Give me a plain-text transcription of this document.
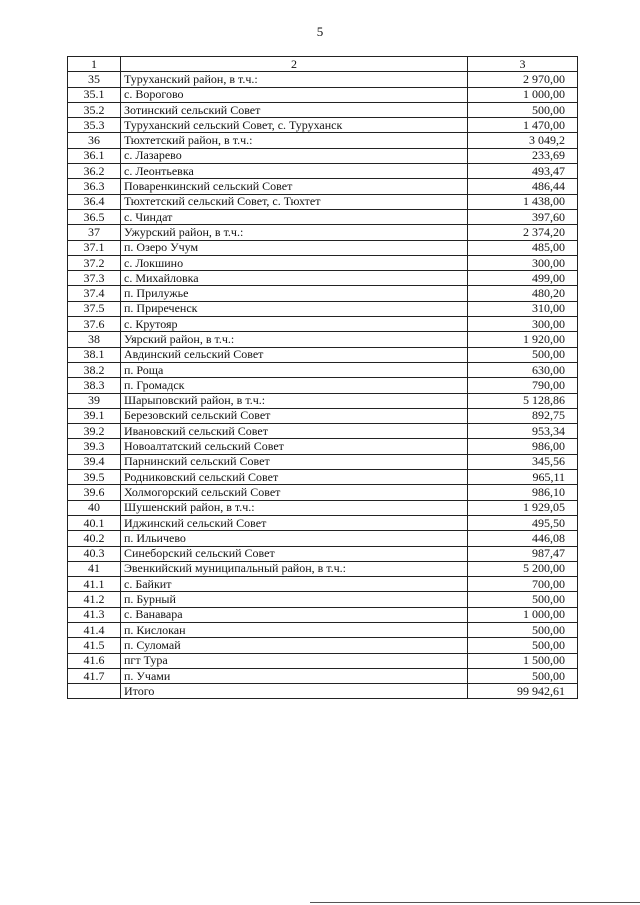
5
1	2	3
35	Туруханский район, в т.ч.:	2 970,00
35.1	с. Ворогово	1 000,00
35.2	Зотинский сельский Совет	500,00
35.3	Туруханский сельский Совет, с. Туруханск	1 470,00
36	Тюхтетский район, в т.ч.:	3 049,2
36.1	с. Лазарево	233,69
36.2	с. Леонтьевка	493,47
36.3	Поваренкинский сельский Совет	486,44
36.4	Тюхтетский сельский Совет, с. Тюхтет	1 438,00
36.5	с. Чиндат	397,60
37	Ужурский район, в т.ч.:	2 374,20
37.1	п. Озеро Учум	485,00
37.2	с. Локшино	300,00
37.3	с. Михайловка	499,00
37.4	п. Прилужье	480,20
37.5	п. Приреченск	310,00
37.6	с. Крутояр	300,00
38	Уярский район, в т.ч.:	1 920,00
38.1	Авдинский сельский Совет	500,00
38.2	п. Роща	630,00
38.3	п. Громадск	790,00
39	Шарыповский район, в т.ч.:	5 128,86
39.1	Березовский сельский Совет	892,75
39.2	Ивановский сельский Совет	953,34
39.3	Новоалтатский сельский Совет	986,00
39.4	Парнинский сельский Совет	345,56
39.5	Родниковский сельский Совет	965,11
39.6	Холмогорский сельский Совет	986,10
40	Шушенский район, в т.ч.:	1 929,05
40.1	Иджинский сельский Совет	495,50
40.2	п. Ильичево	446,08
40.3	Синеборский сельский Совет	987,47
41	Эвенкийский муниципальный район, в т.ч.:	5 200,00
41.1	с. Байкит	700,00
41.2	п. Бурный	500,00
41.3	с. Ванавара	1 000,00
41.4	п. Кислокан	500,00
41.5	п. Суломай	500,00
41.6	пгт Тура	1 500,00
41.7	п. Учами	500,00
	Итого	99 942,61
